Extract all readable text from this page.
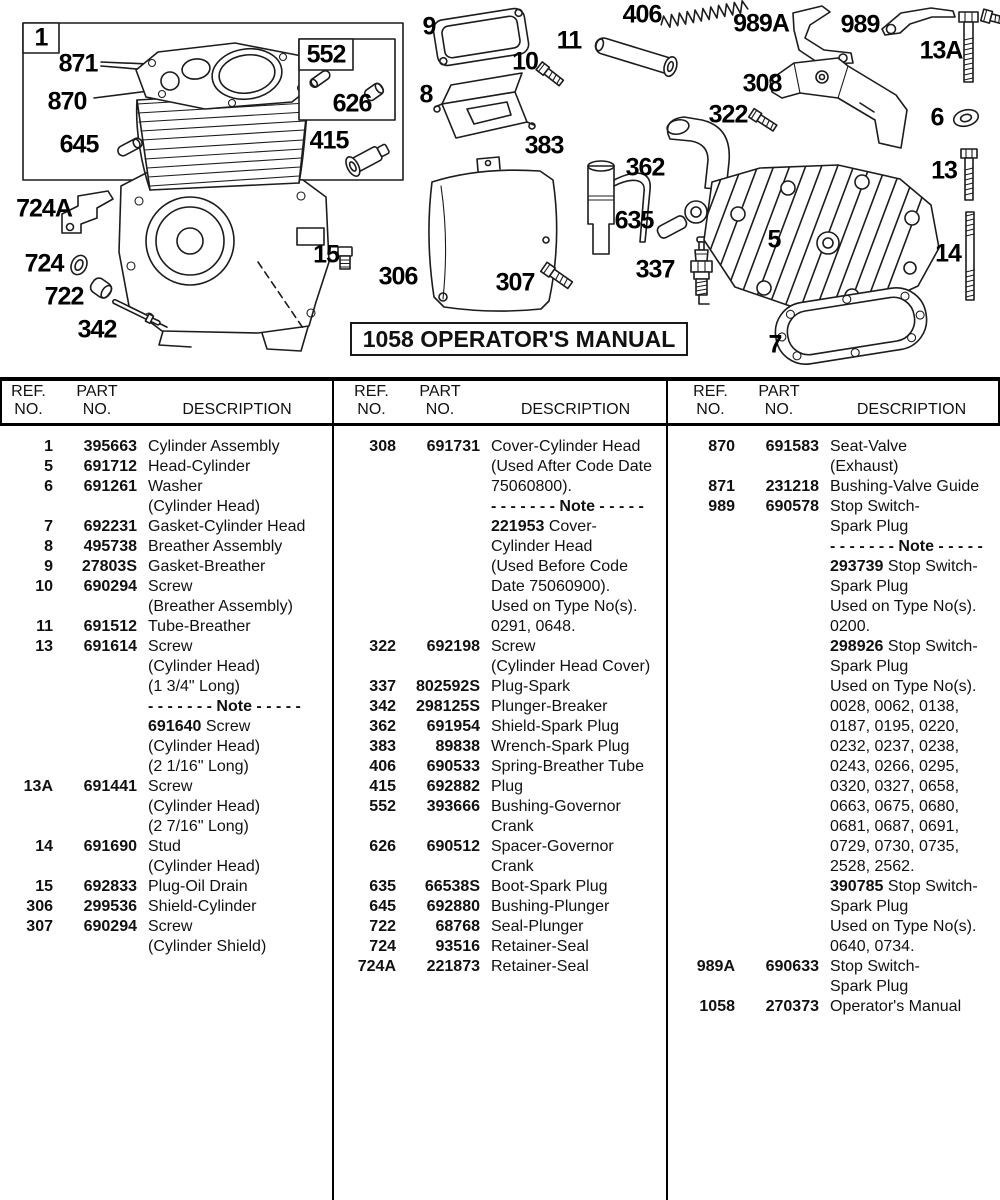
1
871
870
645
724A
724
722
342
552
626
415
15
306	307
9
10
11
8
383
362
635
337
406	989A 989
13A
308
322	6
13
5	14
7
1058 OPERATOR'S MANUAL
REF.
NO.
PART
NO.	DESCRIPTION
REF.
NO.
PART
NO.	DESCRIPTION
REF.
NO.
PART
NO.	DESCRIPTION
1	395663 Cylinder Assembly
5	691712 Head-Cylinder
6	691261 Washer

(Cylinder Head)
7	692231 Gasket-Cylinder Head
8	495738 Breather Assembly
9	27803S Gasket-Breather
10	690294 Screw

(Breather Assembly)
11	691512 Tube-Breather
13	691614 Screw

(Cylinder Head)

(1 3/4" Long)

- - - - - - - Note - - - - -

691640 Screw

(Cylinder Head)

(2 1/16" Long)
13A	691441 Screw

(Cylinder Head)

(2 7/16" Long)
14	691690 Stud

(Cylinder Head)
15	692833 Plug-Oil Drain
306	299536 Shield-Cylinder
307	690294 Screw

(Cylinder Shield)
308	691731 Cover-Cylinder Head

(Used After Code Date

75060800).

- - - - - - - Note - - - - -

221953 Cover-

Cylinder Head

(Used Before Code

Date 75060900).

Used on Type No(s).

0291, 0648.
322	692198 Screw

(Cylinder Head Cover)
337	802592S Plug-Spark
342	298125S Plunger-Breaker
362	691954 Shield-Spark Plug
383	89838 Wrench-Spark Plug
406	690533 Spring-Breather Tube
415	692882 Plug
552	393666 Bushing-Governor

Crank
626	690512 Spacer-Governor

Crank
635	66538S Boot-Spark Plug
645	692880 Bushing-Plunger
722	68768 Seal-Plunger
724	93516 Retainer-Seal
724A	221873 Retainer-Seal
870	691583 Seat-Valve

(Exhaust)
871	231218 Bushing-Valve Guide
989	690578 Stop Switch-

Spark Plug

- - - - - - - Note - - - - -

293739 Stop Switch-

Spark Plug

Used on Type No(s).

0200.

298926 Stop Switch-

Spark Plug

Used on Type No(s).

0028, 0062, 0138,

0187, 0195, 0220,

0232, 0237, 0238,

0243, 0266, 0295,

0320, 0327, 0658,

0663, 0675, 0680,

0681, 0687, 0691,

0729, 0730, 0735,

2528, 2562.

390785 Stop Switch-

Spark Plug

Used on Type No(s).

0640, 0734.
989A	690633 Stop Switch-

Spark Plug
1058	270373 Operator's Manual
